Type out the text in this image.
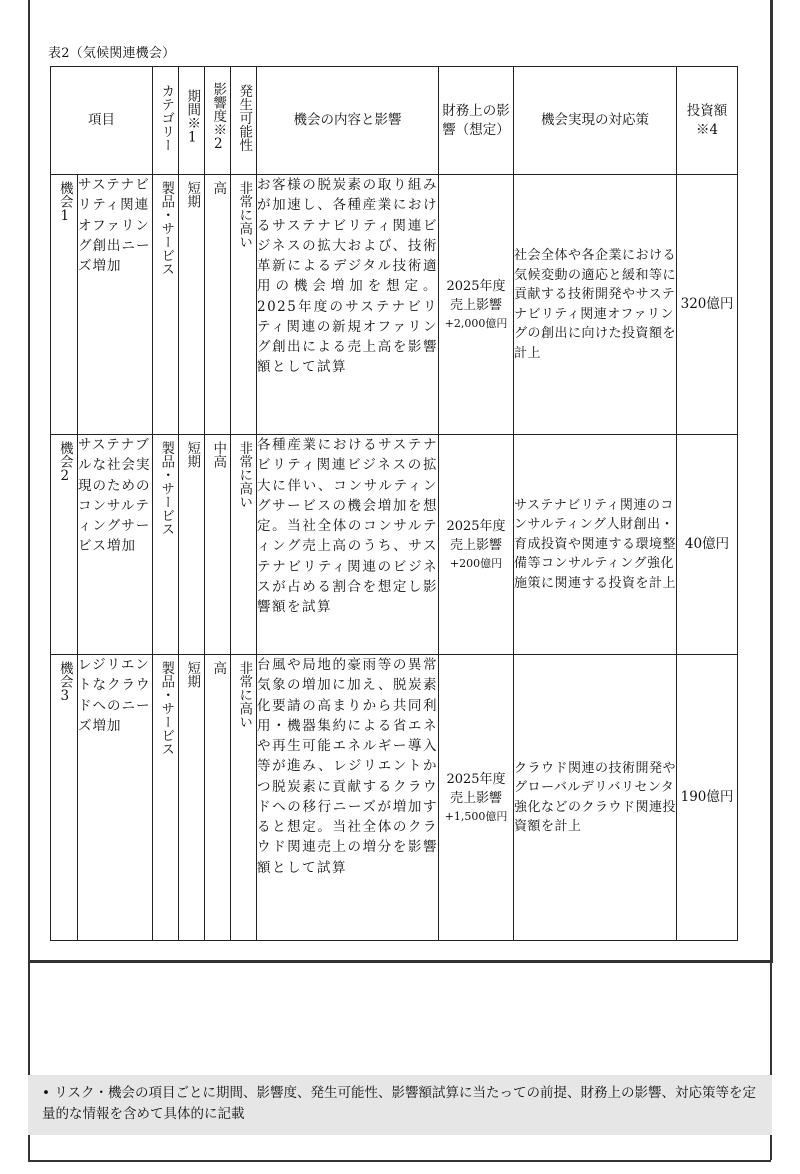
表2（気候関連機会）
項目		カテゴリー	期間※1	影響度※2	発生可能性	機会の内容と影響	財務上の影響（想定）	機会実現の対応策	投資額※4

機会1	サステナビリティ関連オファリング創出ニーズ増加	製品・サービス	短期	高	非常に高い	お客様の脱炭素の取り組みが加速し、各種産業におけるサステナビリティ関連ビジネスの拡大および、技術革新によるデジタル技術適用の機会増加を想定。2025年度のサステナビリティ関連の新規オファリング創出による売上高を影響額として試算	2025年度
売上影響
+2,000億円	社会全体や各企業における気候変動の適応と緩和等に貢献する技術開発やサステナビリティ関連オファリングの創出に向けた投資額を計上	320億円

機会2	サステナブルな社会実現のためのコンサルティングサービス増加	製品・サービス	短期	中高	非常に高い	各種産業におけるサステナビリティ関連ビジネスの拡大に伴い、コンサルティングサービスの機会増加を想定。当社全体のコンサルティング売上高のうち、サステナビリティ関連のビジネスが占める割合を想定し影響額を試算	2025年度
売上影響
+200億円	サステナビリティ関連のコンサルティング人財創出・育成投資や関連する環境整備等コンサルティング強化施策に関連する投資を計上	40億円

機会3	レジリエントなクラウドへのニーズ増加	製品・サービス	短期	高	非常に高い	台風や局地的豪雨等の異常気象の増加に加え、脱炭素化要請の高まりから共同利用・機器集約による省エネや再生可能エネルギー導入等が進み、レジリエントかつ脱炭素に貢献するクラウドへの移行ニーズが増加すると想定。当社全体のクラウド関連売上の増分を影響額として試算	2025年度
売上影響
+1,500億円	クラウド関連の技術開発やグローバルデリバリセンタ強化などのクラウド関連投資額を計上	190億円
• リスク・機会の項目ごとに期間、影響度、発生可能性、影響額試算に当たっての前提、財務上の影響、対応策等を定量的な情報を含めて具体的に記載
